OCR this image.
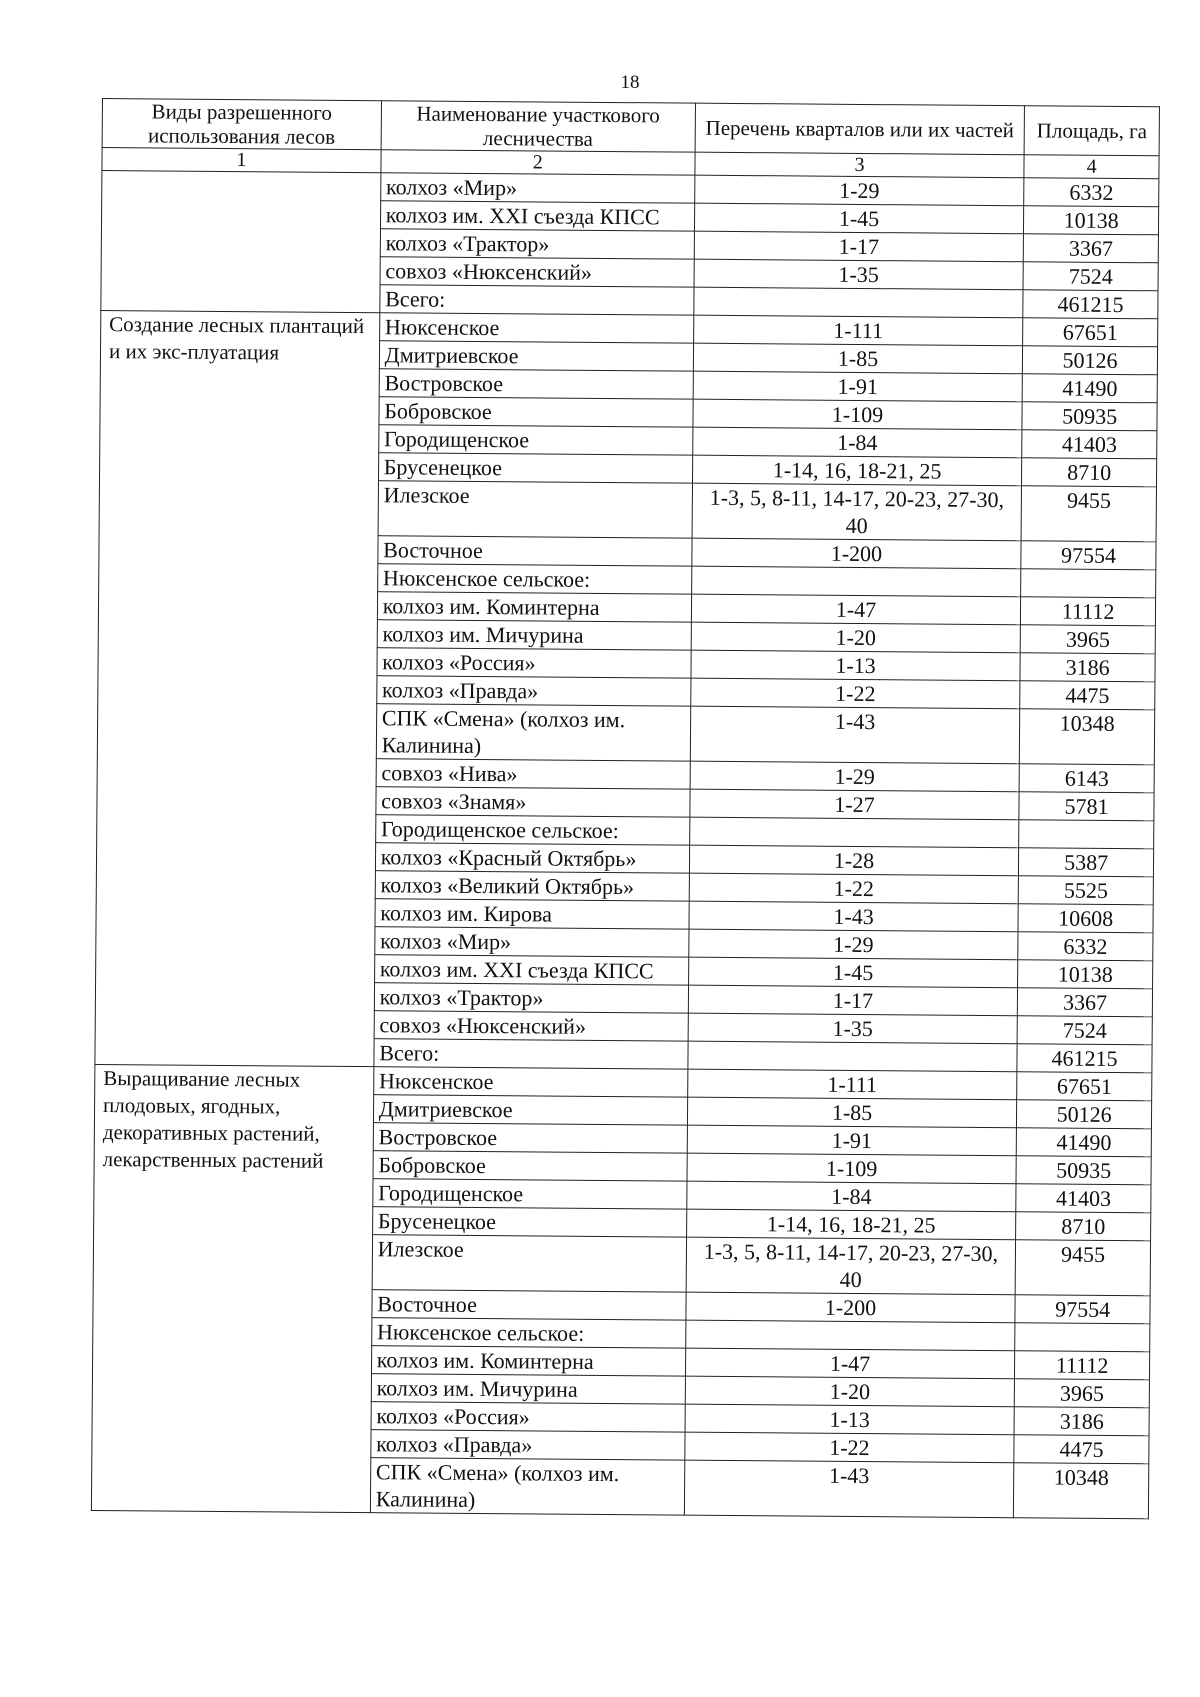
18
Виды разрешенного использования лесов	Наименование участкового лесничества	Перечень кварталов или их частей	Площадь, га
1	2	3	4
	колхоз «Мир»	1-29	6332
	колхоз им. XXI съезда КПСС	1-45	10138
	колхоз «Трактор»	1-17	3367
	совхоз «Нюксенский»	1-35	7524
	Всего:		461215
Создание лесных плантаций и их экс-плуатация	Нюксенское	1-111	67651
	Дмитриевское	1-85	50126
	Востровское	1-91	41490
	Бобровское	1-109	50935
	Городищенское	1-84	41403
	Брусенецкое	1-14, 16, 18-21, 25	8710
	Илезское	1-3, 5, 8-11, 14-17, 20-23, 27-30, 40	9455
	Восточное	1-200	97554
	Нюксенское сельское:		
	колхоз им. Коминтерна	1-47	11112
	колхоз им. Мичурина	1-20	3965
	колхоз «Россия»	1-13	3186
	колхоз «Правда»	1-22	4475
	СПК «Смена» (колхоз им. Калинина)	1-43	10348
	совхоз «Нива»	1-29	6143
	совхоз «Знамя»	1-27	5781
	Городищенское сельское:		
	колхоз «Красный Октябрь»	1-28	5387
	колхоз «Великий Октябрь»	1-22	5525
	колхоз им. Кирова	1-43	10608
	колхоз «Мир»	1-29	6332
	колхоз им. XXI съезда КПСС	1-45	10138
	колхоз «Трактор»	1-17	3367
	совхоз «Нюксенский»	1-35	7524
	Всего:		461215
Выращивание лесных плодовых, ягодных, декоративных растений, лекарственных растений	Нюксенское	1-111	67651
	Дмитриевское	1-85	50126
	Востровское	1-91	41490
	Бобровское	1-109	50935
	Городищенское	1-84	41403
	Брусенецкое	1-14, 16, 18-21, 25	8710
	Илезское	1-3, 5, 8-11, 14-17, 20-23, 27-30, 40	9455
	Восточное	1-200	97554
	Нюксенское сельское:		
	колхоз им. Коминтерна	1-47	11112
	колхоз им. Мичурина	1-20	3965
	колхоз «Россия»	1-13	3186
	колхоз «Правда»	1-22	4475
	СПК «Смена» (колхоз им. Калинина)	1-43	10348
